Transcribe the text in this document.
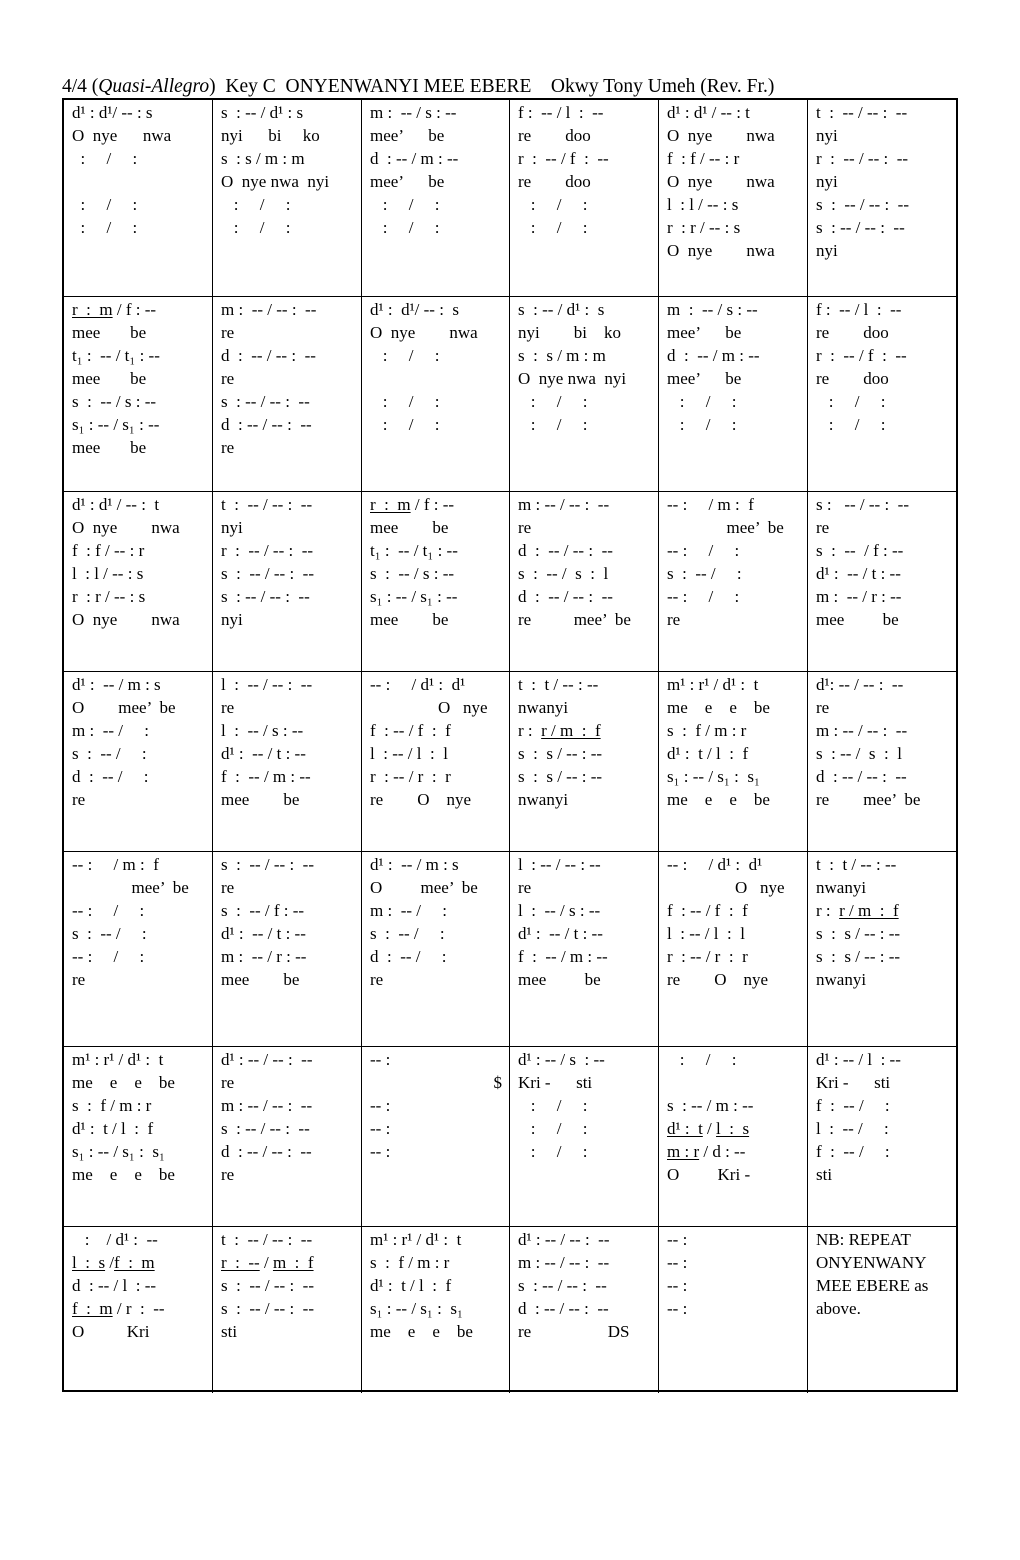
4/4 (Quasi-Allegro)  Key C  ONYENWANYI MEE EBERE    Okwy Tony Umeh (Rev. Fr.)
d¹ : d¹/ -- : s
O  nye      nwa
:     /     :
:     /     :
:     /     :
s  : -- / d¹ : s
nyi      bi     ko
s  : s / m : m
O  nye nwa  nyi
:     /     :
:     /     :
m :  -- / s : --
mee’      be
d  : -- / m : --
mee’      be
:     /     :
:     /     :
f :  -- / l  :  --
re        doo
r  :  -- / f  :  --
re        doo
:     /     :
:     /     :
d¹ : d¹ / -- : t
O  nye        nwa
f  : f / -- : r
O  nye        nwa
l  : l / -- : s
r  : r / -- : s
O  nye        nwa
t  :  -- / -- :  --
nyi
r  :  -- / -- :  --
nyi
s  :  -- / -- :  --
s  : -- / -- :  --
nyi
r  :  m / f : --
mee       be
t₁ :  -- / t₁ : --
mee       be
s  :  -- / s : --
s₁ : -- / s₁ : --
mee       be
m :  -- / -- :  --
re
d  :  -- / -- :  --
re
s  : -- / -- :  --
d  : -- / -- :  --
re
d¹ :  d¹/ -- :  s
O  nye        nwa
:     /     :
:     /     :
:     /     :
s  : -- / d¹ :  s
nyi        bi    ko
s  :  s / m : m
O  nye nwa  nyi
:     /     :
:     /     :
m  :  -- / s : --
mee’      be
d  :  -- / m : --
mee’      be
:     /     :
:     /     :
f :  -- / l  :  --
re        doo
r  :  -- / f  :  --
re        doo
:     /     :
:     /     :
d¹ : d¹ / -- :  t
O  nye        nwa
f  : f / -- : r
l  : l / -- : s
r  : r / -- : s
O  nye        nwa
t  :  -- / -- :  --
nyi
r  :  -- / -- :  --
s  :  -- / -- :  --
s  : -- / -- :  --
nyi
r  :  m / f : --
mee        be
t₁ :  -- / t₁ : --
s  :  -- / s : --
s₁ : -- / s₁ : --
mee        be
m : -- / -- :  --
re
d  :  -- / -- :  --
s  :  -- /  s  :  l
d  :  -- / -- :  --
re          mee’  be
-- :     / m :  f
mee’  be
-- :     /     :
s  :  -- /     :
-- :     /     :
re
s :   -- / -- :  --
re
s  :  --  / f : --
d¹ :  -- / t : --
m :  -- / r : --
mee         be
d¹ :  -- / m : s
O        mee’  be
m :  -- /     :
s  :  -- /     :
d  :  -- /     :
re
l  :  -- / -- :  --
re
l  :  -- / s : --
d¹ :  -- / t : --
f  :  -- / m : --
mee        be
-- :     / d¹ :  d¹
O   nye
f  : -- / f  :  f
l  : -- / l  :  l
r  : -- / r  :  r
re        O    nye
t  :  t / -- : --
nwanyi
r :  r / m  :  f
s  :  s / -- : --
s  :  s / -- : --
nwanyi
m¹ : r¹ / d¹ :  t
me    e    e    be
s  :  f / m : r
d¹ :  t / l  :  f
s₁ : -- / s₁ :  s₁
me    e    e    be
d¹: -- / -- :  --
re
m : -- / -- :  --
s  : -- /  s  :  l
d  : -- / -- :  --
re        mee’  be
-- :     / m :  f
mee’  be
-- :     /     :
s  :  -- /     :
-- :     /     :
re
s  :  -- / -- :  --
re
s  :  -- / f : --
d¹ :  -- / t : --
m :  -- / r : --
mee        be
d¹ :  -- / m : s
O         mee’  be
m :  -- /     :
s  :  -- /     :
d  :  -- /     :
re
l  : -- / -- : --
re
l  :  -- / s : --
d¹ :  -- / t : --
f  :  -- / m : --
mee         be
-- :     / d¹ :  d¹
O   nye
f  : -- / f  :  f
l  : -- / l  :  l
r  : -- / r  :  r
re        O    nye
t  :  t / -- : --
nwanyi
r :  r / m  :  f
s  :  s / -- : --
s  :  s / -- : --
nwanyi
m¹ : r¹ / d¹ :  t
me    e    e    be
s  :  f / m : r
d¹ :  t / l  :  f
s₁ : -- / s₁ :  s₁
me    e    e    be
d¹ : -- / -- :  --
re
m : -- / -- :  --
s  : -- / -- :  --
d  : -- / -- :  --
re
-- :
$
-- :
-- :
-- :
d¹ : -- / s  : --
Kri -      sti
:     /     :
:     /     :
:     /     :
:     /     :
s  : -- / m : --
d¹ :  t / l  :  s
m : r / d : --
O         Kri -
d¹ : -- / l  : --
Kri -      sti
f  :  -- /     :
l  :  -- /     :
f  :  -- /     :
sti
:    / d¹ :  --
l  :  s /f  :  m
d  : -- / l  : --
f  :  m / r  :  --
O          Kri
t  :  -- / -- :  --
r  :  -- / m  :  f
s  :  -- / -- :  --
s  :  -- / -- :  --
sti
m¹ : r¹ / d¹ :  t
s  :  f / m : r
d¹ :  t / l  :  f
s₁ : -- / s₁ :  s₁
me    e    e    be
d¹ : -- / -- :  --
m : -- / -- :  --
s  : -- / -- :  --
d  : -- / -- :  --
re                  DS
-- :
-- :
-- :
-- :
NB: REPEAT ONYENWANY MEE EBERE as above.
